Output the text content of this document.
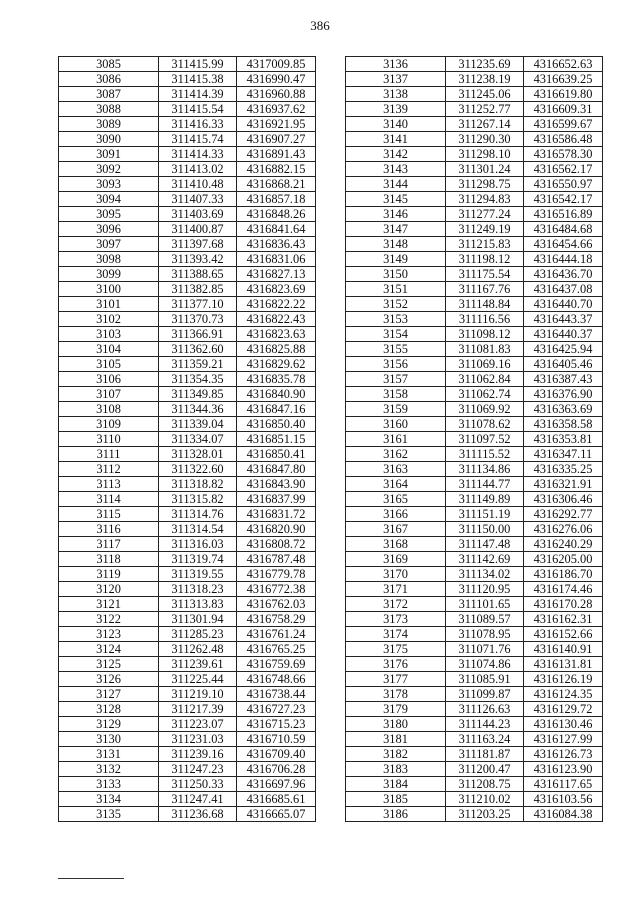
386
3085	311415.99	4317009.85
3086	311415.38	4316990.47
3087	311414.39	4316960.88
3088	311415.54	4316937.62
3089	311416.33	4316921.95
3090	311415.74	4316907.27
3091	311414.33	4316891.43
3092	311413.02	4316882.15
3093	311410.48	4316868.21
3094	311407.33	4316857.18
3095	311403.69	4316848.26
3096	311400.87	4316841.64
3097	311397.68	4316836.43
3098	311393.42	4316831.06
3099	311388.65	4316827.13
3100	311382.85	4316823.69
3101	311377.10	4316822.22
3102	311370.73	4316822.43
3103	311366.91	4316823.63
3104	311362.60	4316825.88
3105	311359.21	4316829.62
3106	311354.35	4316835.78
3107	311349.85	4316840.90
3108	311344.36	4316847.16
3109	311339.04	4316850.40
3110	311334.07	4316851.15
3111	311328.01	4316850.41
3112	311322.60	4316847.80
3113	311318.82	4316843.90
3114	311315.82	4316837.99
3115	311314.76	4316831.72
3116	311314.54	4316820.90
3117	311316.03	4316808.72
3118	311319.74	4316787.48
3119	311319.55	4316779.78
3120	311318.23	4316772.38
3121	311313.83	4316762.03
3122	311301.94	4316758.29
3123	311285.23	4316761.24
3124	311262.48	4316765.25
3125	311239.61	4316759.69
3126	311225.44	4316748.66
3127	311219.10	4316738.44
3128	311217.39	4316727.23
3129	311223.07	4316715.23
3130	311231.03	4316710.59
3131	311239.16	4316709.40
3132	311247.23	4316706.28
3133	311250.33	4316697.96
3134	311247.41	4316685.61
3135	311236.68	4316665.07
3136	311235.69	4316652.63
3137	311238.19	4316639.25
3138	311245.06	4316619.80
3139	311252.77	4316609.31
3140	311267.14	4316599.67
3141	311290.30	4316586.48
3142	311298.10	4316578.30
3143	311301.24	4316562.17
3144	311298.75	4316550.97
3145	311294.83	4316542.17
3146	311277.24	4316516.89
3147	311249.19	4316484.68
3148	311215.83	4316454.66
3149	311198.12	4316444.18
3150	311175.54	4316436.70
3151	311167.76	4316437.08
3152	311148.84	4316440.70
3153	311116.56	4316443.37
3154	311098.12	4316440.37
3155	311081.83	4316425.94
3156	311069.16	4316405.46
3157	311062.84	4316387.43
3158	311062.74	4316376.90
3159	311069.92	4316363.69
3160	311078.62	4316358.58
3161	311097.52	4316353.81
3162	311115.52	4316347.11
3163	311134.86	4316335.25
3164	311144.77	4316321.91
3165	311149.89	4316306.46
3166	311151.19	4316292.77
3167	311150.00	4316276.06
3168	311147.48	4316240.29
3169	311142.69	4316205.00
3170	311134.02	4316186.70
3171	311120.95	4316174.46
3172	311101.65	4316170.28
3173	311089.57	4316162.31
3174	311078.95	4316152.66
3175	311071.76	4316140.91
3176	311074.86	4316131.81
3177	311085.91	4316126.19
3178	311099.87	4316124.35
3179	311126.63	4316129.72
3180	311144.23	4316130.46
3181	311163.24	4316127.99
3182	311181.87	4316126.73
3183	311200.47	4316123.90
3184	311208.75	4316117.65
3185	311210.02	4316103.56
3186	311203.25	4316084.38
